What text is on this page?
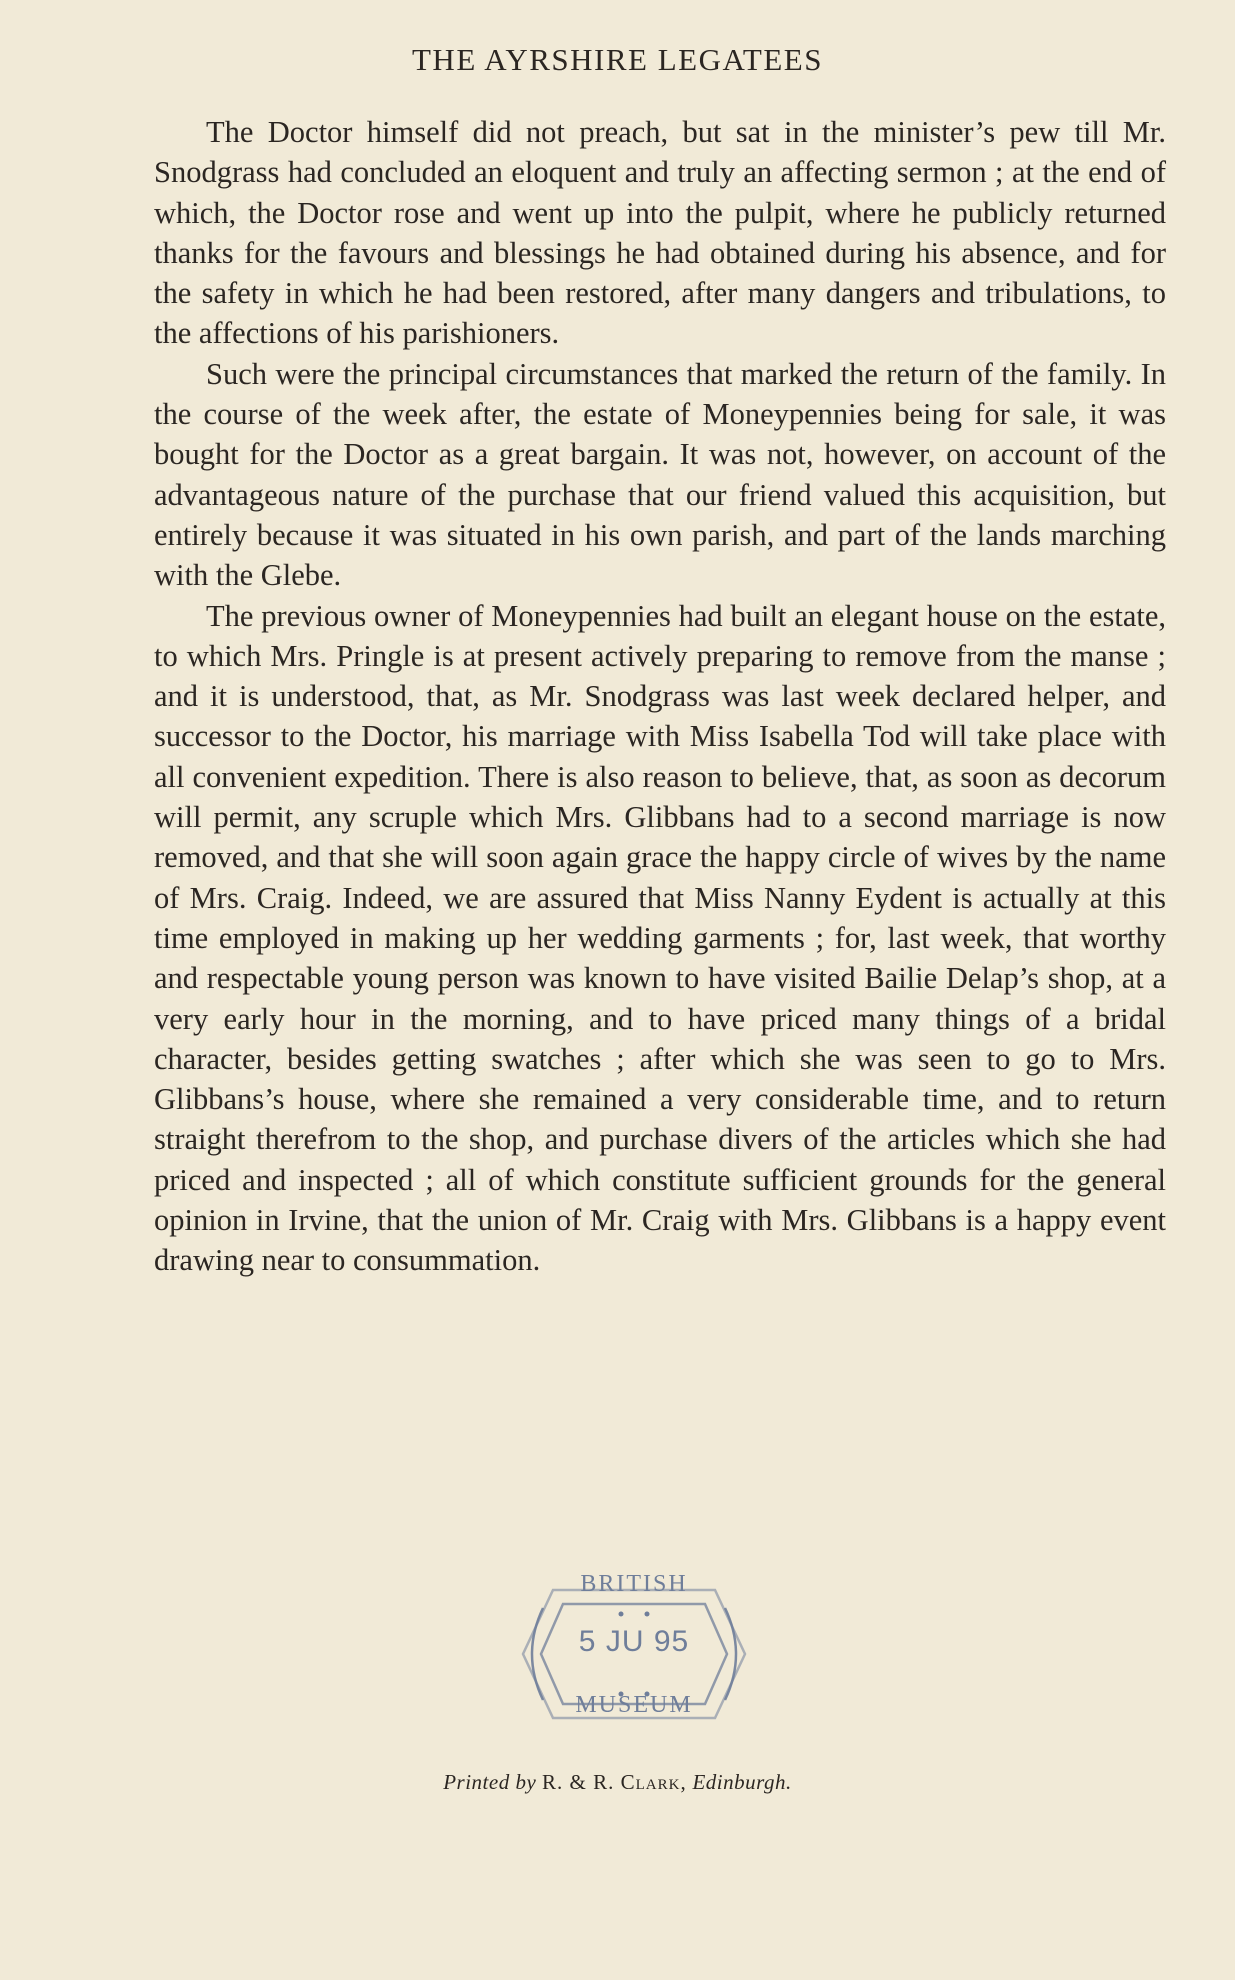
THE AYRSHIRE LEGATEES

The Doctor himself did not preach, but sat in the minister’s pew till Mr. Snodgrass had concluded an eloquent and truly an affecting sermon ; at the end of which, the Doctor rose and went up into the pulpit, where he publicly returned thanks for the favours and blessings he had obtained during his absence, and for the safety in which he had been restored, after many dangers and tribulations, to the affections of his parishioners.

Such were the principal circumstances that marked the return of the family. In the course of the week after, the estate of Moneypennies being for sale, it was bought for the Doctor as a great bargain. It was not, however, on account of the advantageous nature of the purchase that our friend valued this acquisition, but entirely because it was situated in his own parish, and part of the lands marching with the Glebe.

The previous owner of Moneypennies had built an elegant house on the estate, to which Mrs. Pringle is at present actively preparing to remove from the manse ; and it is understood, that, as Mr. Snodgrass was last week declared helper, and successor to the Doctor, his marriage with Miss Isabella Tod will take place with all convenient expedition. There is also reason to believe, that, as soon as decorum will permit, any scruple which Mrs. Glibbans had to a second marriage is now removed, and that she will soon again grace the happy circle of wives by the name of Mrs. Craig. Indeed, we are assured that Miss Nanny Eydent is actually at this time employed in making up her wedding garments ; for, last week, that worthy and respectable young person was known to have visited Bailie Delap’s shop, at a very early hour in the morning, and to have priced many things of a bridal character, besides getting swatches ; after which she was seen to go to Mrs. Glibbans’s house, where she remained a very considerable time, and to return straight therefrom to the shop, and purchase divers of the articles which she had priced and inspected ; all of which constitute sufficient grounds for the general opinion in Irvine, that the union of Mr. Craig with Mrs. Glibbans is a happy event drawing near to consummation.

BRITISH
5 JU 95
MUSEUM
Printed by R. & R. Clark, Edinburgh.
